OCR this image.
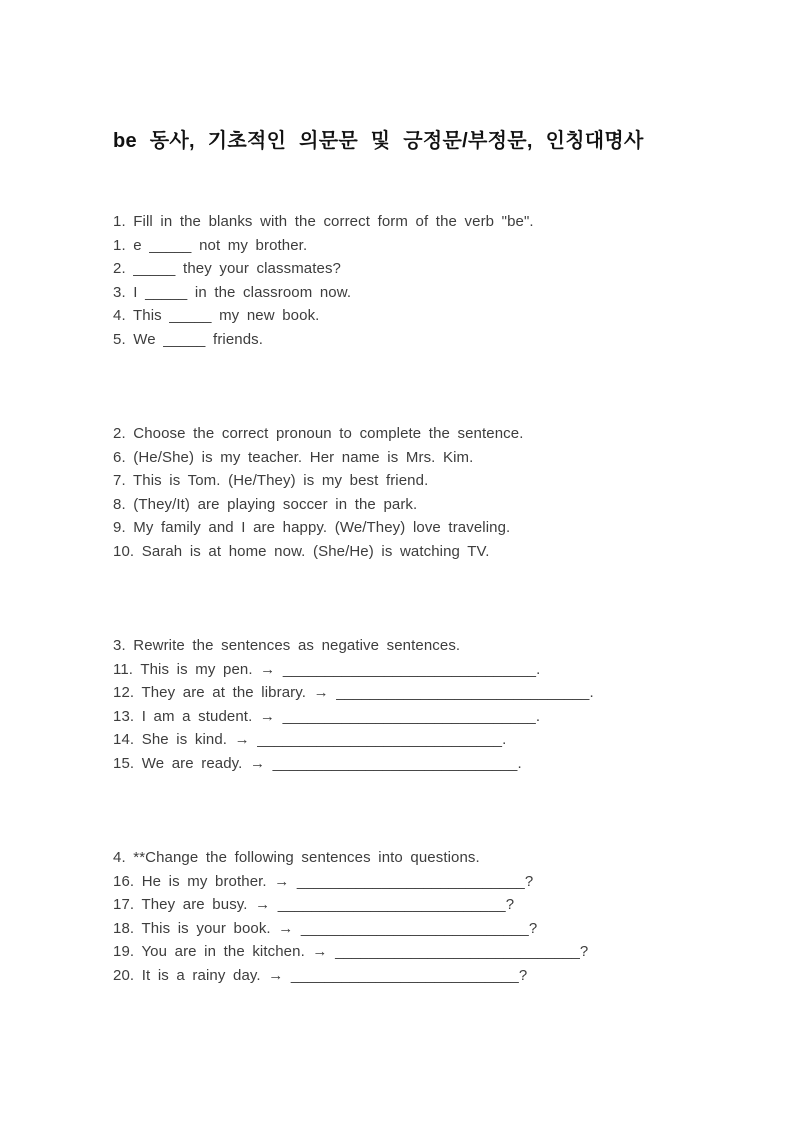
be 동사, 기초적인 의문문 및 긍정문/부정문, 인칭대명사

1. Fill in the blanks with the correct form of the verb "be".

1. e _____ not my brother.

2. _____ they your classmates?

3. I _____ in the classroom now.

4. This _____ my new book.

5. We _____ friends.

2. Choose the correct pronoun to complete the sentence.

6. (He/She) is my teacher. Her name is Mrs. Kim.

7. This is Tom. (He/They) is my best friend.

8. (They/It) are playing soccer in the park.

9. My family and I are happy. (We/They) love traveling.

10. Sarah is at home now. (She/He) is watching TV.

3. Rewrite the sentences as negative sentences.

11. This is my pen. → ______________________________.

12. They are at the library. → ______________________________.

13. I am a student. → ______________________________.

14. She is kind. → _____________________________.

15. We are ready. → _____________________________.

4. **Change the following sentences into questions.

16. He is my brother. → ___________________________?

17. They are busy. → ___________________________?

18. This is your book. → ___________________________?

19. You are in the kitchen. → _____________________________?

20. It is a rainy day. → ___________________________?
